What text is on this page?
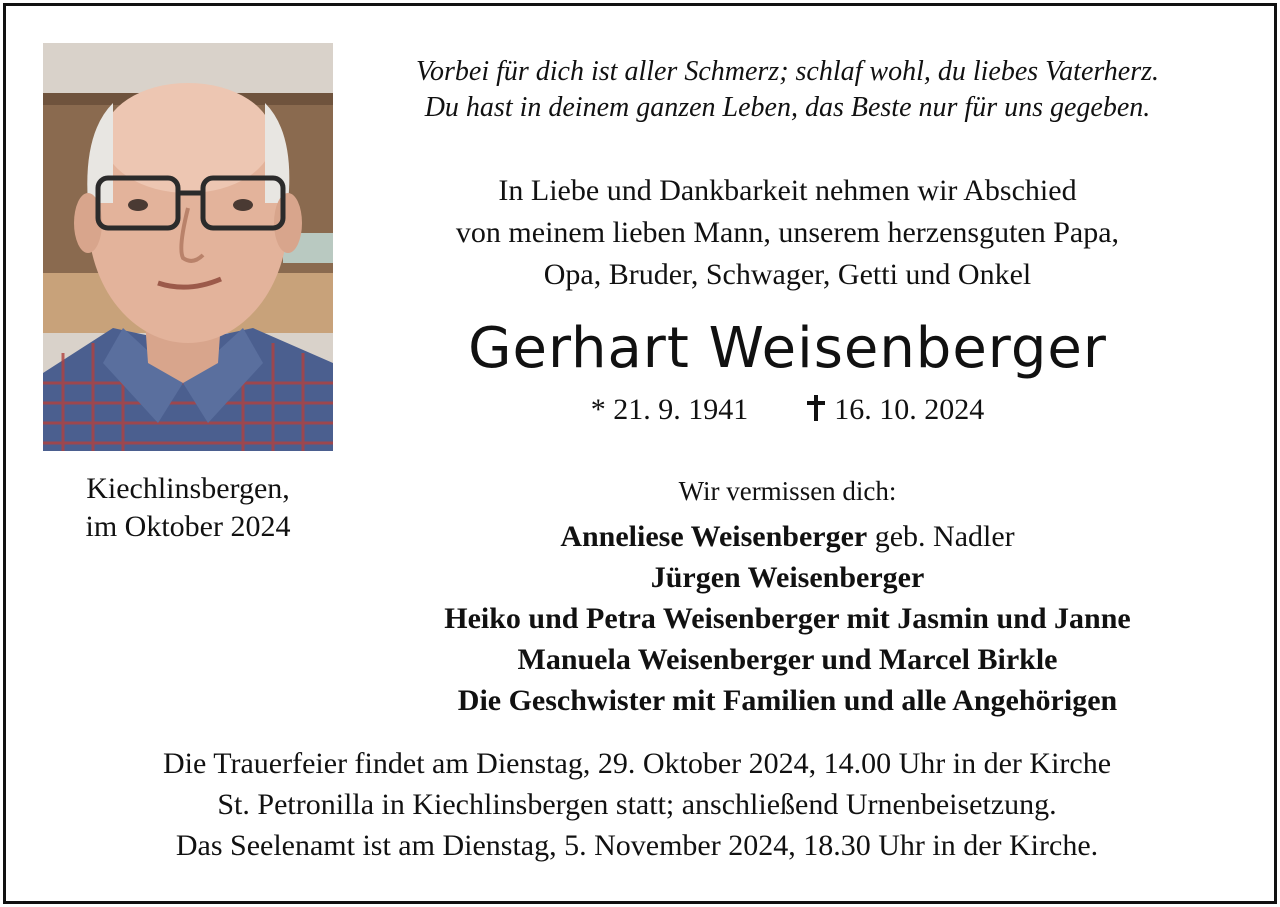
Kiechlinsbergen,
im Oktober 2024
Vorbei für dich ist aller Schmerz; schlaf wohl, du liebes Vaterherz.
Du hast in deinem ganzen Leben, das Beste nur für uns gegeben.
In Liebe und Dankbarkeit nehmen wir Abschied
von meinem lieben Mann, unserem herzensguten Papa,
Opa, Bruder, Schwager, Getti und Onkel
Gerhart Weisenberger
* 21. 9. 1941	16. 10. 2024
Wir vermissen dich:
Anneliese Weisenberger geb. Nadler
Jürgen Weisenberger
Heiko und Petra Weisenberger mit Jasmin und Janne
Manuela Weisenberger und Marcel Birkle
Die Geschwister mit Familien und alle Angehörigen
Die Trauerfeier findet am Dienstag, 29. Oktober 2024, 14.00 Uhr in der Kirche
St. Petronilla in Kiechlinsbergen statt; anschließend Urnenbeisetzung.
Das Seelenamt ist am Dienstag, 5. November 2024, 18.30 Uhr in der Kirche.
